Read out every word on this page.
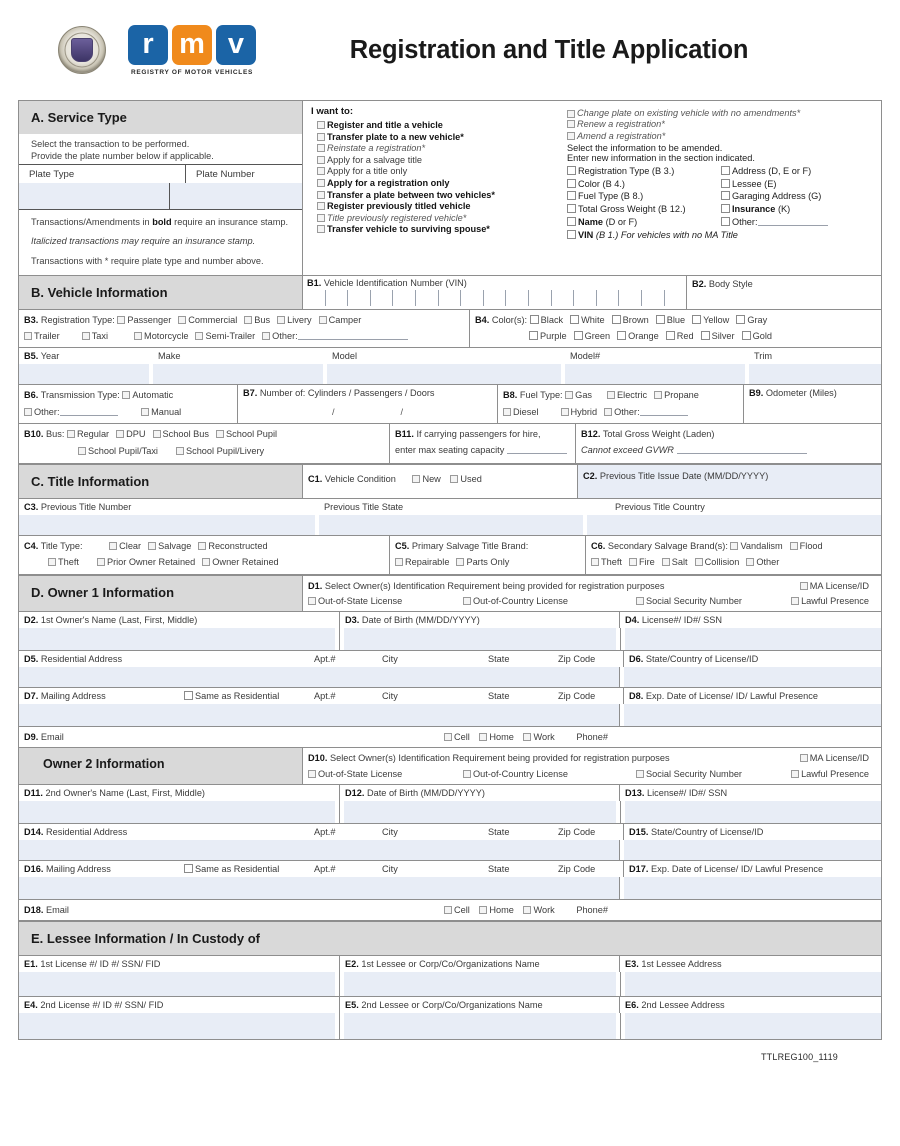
r m v
REGISTRY OF MOTOR VEHICLES
Registration and Title Application
A. Service Type
Select the transaction to be performed.
Provide the plate number below if applicable.
Plate Type	Plate Number
Transactions/Amendments in bold require an insurance stamp.
Italicized transactions may require an insurance stamp.
Transactions with * require plate type and number above.
I want to:
Register and title a vehicle
Transfer plate to a new vehicle*
Reinstate a registration*
Apply for a salvage title
Apply for a title only
Apply for a registration only
Transfer a plate between two vehicles*
Register previously titled vehicle
Title previously registered vehicle*
Transfer vehicle to surviving spouse*
Change plate on existing vehicle with no amendments*
Renew a registration*
Amend a registration*
Select the information to be amended.
Enter new information in the section indicated.
Registration Type (B 3.)	Address (D, E or F)
Color (B 4.)	Lessee (E)
Fuel Type (B 8.)	Garaging Address (G)
Total Gross Weight (B 12.)	Insurance (K)
Name (D or F)	Other:
VIN (B 1.) For vehicles with no MA Title
B. Vehicle Information
B1. Vehicle Identification Number (VIN)	B2. Body Style
B3. Registration Type: Passenger Commercial Bus Livery Camper
Trailer	Taxi	Motorcycle Semi-Trailer Other:
B4. Color(s): Black White Brown Blue Yellow Gray
Purple Green Orange Red Silver Gold
B5. Year	Make	Model	Model#	Trim
B6. Transmission Type: Automatic
Other:	Manual
B7. Number of: Cylinders / Passengers / Doors
/	/
B8. Fuel Type: Gas	Electric Propane
Diesel	Hybrid Other:
B9. Odometer (Miles)
B10. Bus: Regular DPU School Bus School Pupil
School Pupil/Taxi	School Pupil/Livery
B11. If carrying passengers for hire,
enter max seating capacity
B12. Total Gross Weight (Laden)
Cannot exceed GVWR
C. Title Information	C1. Vehicle Condition	New Used	C2. Previous Title Issue Date (MM/DD/YYYY)
C3. Previous Title Number	Previous Title State	Previous Title Country
C4. Title Type:	Clear Salvage Reconstructed
Theft	Prior Owner Retained Owner Retained
C5. Primary Salvage Title Brand:
Repairable Parts Only
C6. Secondary Salvage Brand(s): Vandalism Flood
Theft Fire Salt Collision Other
D. Owner 1 Information	D1. Select Owner(s) Identification Requirement being provided for registration purposes	MA License/ID
Out-of-State License	Out-of-Country License	Social Security Number	Lawful Presence
D2. 1st Owner's Name (Last, First, Middle)	D3. Date of Birth (MM/DD/YYYY)	D4. License#/ ID#/ SSN
D5. Residential Address	Apt.#	City	State	Zip Code	D6. State/Country of License/ID
D7. Mailing Address	Same as Residential	Apt.#	City	State	Zip Code	D8. Exp. Date of License/ ID/ Lawful Presence
D9. Email	Cell Home Work Phone#
Owner 2 Information	D10. Select Owner(s) Identification Requirement being provided for registration purposes	MA License/ID
Out-of-State License	Out-of-Country License	Social Security Number	Lawful Presence
D11. 2nd Owner's Name (Last, First, Middle)	D12. Date of Birth (MM/DD/YYYY)	D13. License#/ ID#/ SSN
D14. Residential Address	Apt.#	City	State	Zip Code	D15. State/Country of License/ID
D16. Mailing Address	Same as Residential	Apt.#	City	State	Zip Code	D17. Exp. Date of License/ ID/ Lawful Presence
D18. Email	Cell Home Work Phone#
E. Lessee Information / In Custody of
E1. 1st License #/ ID #/ SSN/ FID	E2. 1st Lessee or Corp/Co/Organizations Name	E3. 1st Lessee Address
E4. 2nd License #/ ID #/ SSN/ FID	E5. 2nd Lessee or Corp/Co/Organizations Name	E6. 2nd Lessee Address
TTLREG100_1119
